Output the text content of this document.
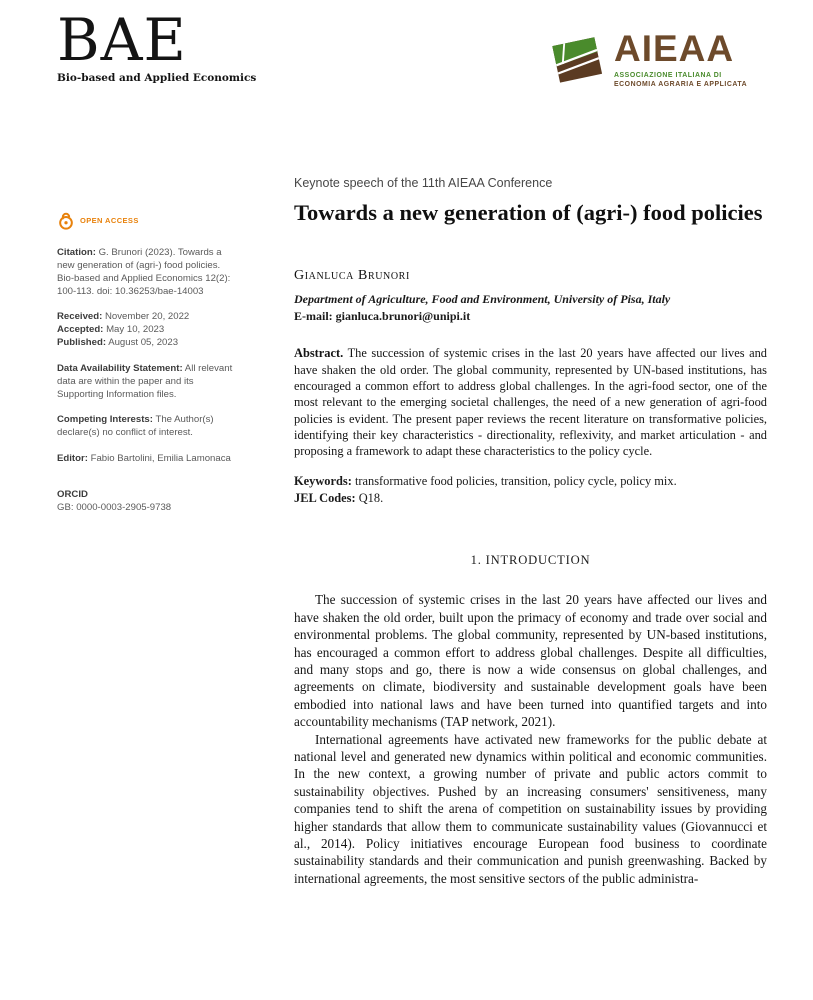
BAE
Bio-based and Applied Economics
AIEAA
ASSOCIAZIONE ITALIANA DI
ECONOMIA AGRARIA E APPLICATA
OPEN ACCESS
Citation: G. Brunori (2023). Towards a new generation of (agri-) food policies. Bio-based and Applied Economics 12(2): 100-113. doi: 10.36253/bae-14003
Received: November 20, 2022
Accepted: May 10, 2023
Published: August 05, 2023
Data Availability Statement: All relevant data are within the paper and its Supporting Information files.
Competing Interests: The Author(s) declare(s) no conflict of interest.
Editor: Fabio Bartolini, Emilia Lamonaca
ORCID
GB: 0000-0003-2905-9738
Keynote speech of the 11th AIEAA Conference
Towards a new generation of (agri-) food policies
Gianluca Brunori
Department of Agriculture, Food and Environment, University of Pisa, Italy
E-mail: gianluca.brunori@unipi.it

Abstract. The succession of systemic crises in the last 20 years have affected our lives and have shaken the old order. The global community, represented by UN-based institutions, has encouraged a common effort to address global challenges. In the agri-food sector, one of the most relevant to the emerging societal challenges, the need of a new generation of agri-food policies is evident. The present paper reviews the recent literature on transformative policies, identifying their key characteristics - directionality, reflexivity, and market articulation - and proposing a framework to adapt these characteristics to the policy cycle.

Keywords: transformative food policies, transition, policy cycle, policy mix.
JEL Codes: Q18.
1. INTRODUCTION

The succession of systemic crises in the last 20 years have affected our lives and have shaken the old order, built upon the primacy of economy and trade over social and environmental problems. The global community, represented by UN-based institutions, has encouraged a common effort to address global challenges. Despite all difficulties, and many stops and go, there is now a wide consensus on global challenges, and agreements on climate, biodiversity and sustainable development goals have been embodied into national laws and have been turned into quantified targets and into accountability mechanisms (TAP network, 2021).

International agreements have activated new frameworks for the public debate at national level and generated new dynamics within political and economic communities. In the new context, a growing number of private and public actors commit to sustainability objectives. Pushed by an increasing consumers' sensitiveness, many companies tend to shift the arena of competition on sustainability issues by providing higher standards that allow them to communicate sustainability values (Giovannucci et al., 2014). Policy initiatives encourage European food business to coordinate sustainability standards and their communication and punish greenwashing. Backed by international agreements, the most sensitive sectors of the public administra-
